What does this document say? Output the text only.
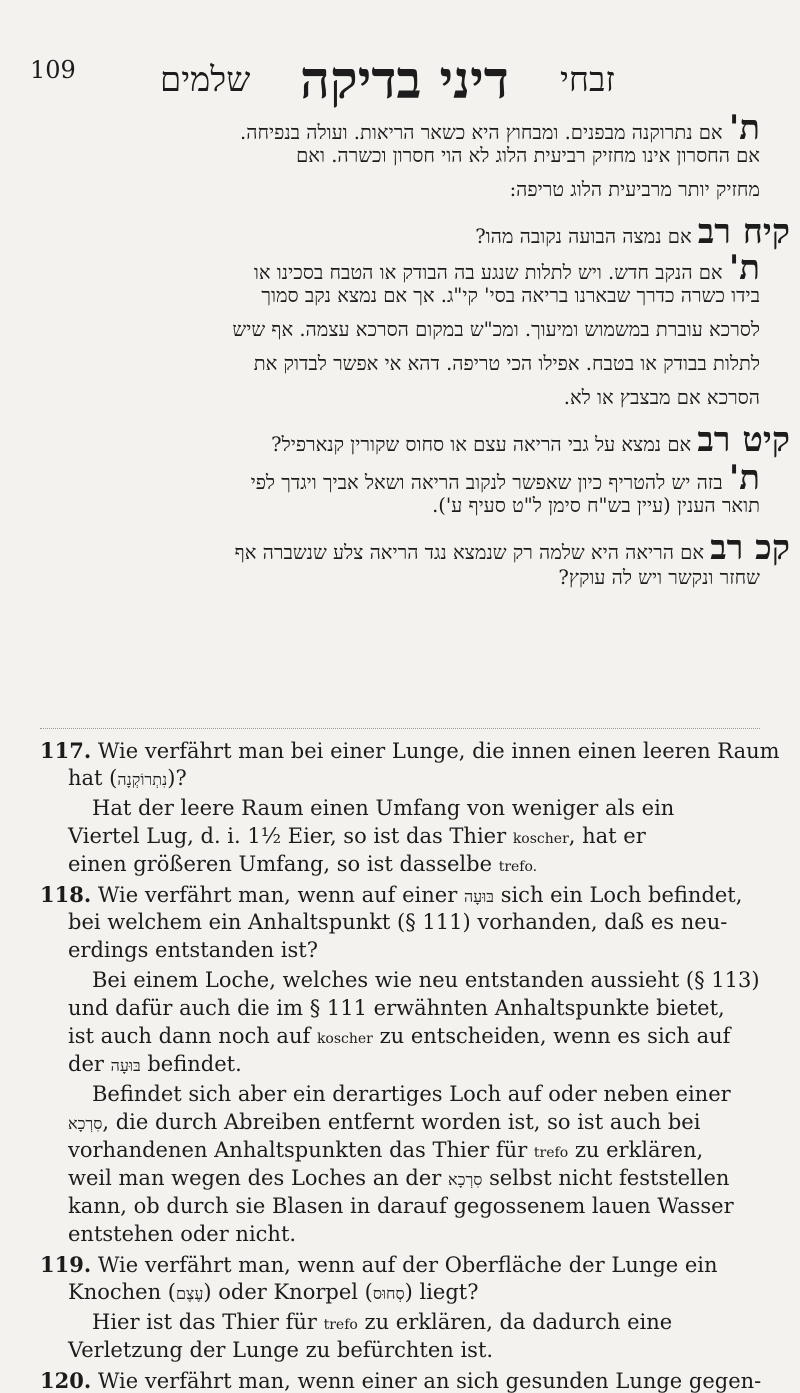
109 שלמים דיני בדיקה זבחי
ת' אם נתרוקנה מבפנים. ומבחוץ היא כשאר הריאות. ועולה בנפיחה.
אם החסרון אינו מחזיק רביעית הלוג לא הוי חסרון וכשרה. ואם
מחזיק יותר מרביעית הלוג טריפה:
קיח רב אם נמצה הבועה נקובה מהו?
ת' אם הנקב חדש. ויש לתלות שנגע בה הבודק או הטבח בסכינו או
בידו כשרה כדרך שבארנו בריאה בסי' קי"ג. אך אם נמצא נקב סמוך
לסרכא עוברת במשמוש ומיעוך. ומכ"ש במקום הסרכא עצמה. אף שיש
לתלות בבודק או בטבח. אפילו הכי טריפה. דהא אי אפשר לבדוק את
הסרכא אם מבצבץ או לא.
קיט רב אם נמצא על גבי הריאה עצם או סחוס שקורין קנארפיל?
ת' בזה יש להטריף כיון שאפשר לנקוב הריאה ושאל אביך ויגדך לפי
תואר הענין (עיין בש"ח סימן ל"ט סעיף ע').
קכ רב אם הריאה היא שלמה רק שנמצא נגד הריאה צלע שנשברה אף
שחזר ונקשר ויש לה עוקץ?
117. Wie verfährt man bei einer Lunge, die innen einen leeren Raum
hat (נִתְרוֹקְנָה)?
Hat der leere Raum einen Umfang von weniger als ein
Viertel Lug, d. i. 1½ Eier, so ist das Thier koscher, hat er
einen größeren Umfang, so ist dasselbe trefo.
118. Wie verfährt man, wenn auf einer בּוּעָה sich ein Loch befindet,
bei welchem ein Anhaltspunkt (§ 111) vorhanden, daß es neu-
erdings entstanden ist?
Bei einem Loche, welches wie neu entstanden aussieht (§ 113)
und dafür auch die im § 111 erwähnten Anhaltspunkte bietet,
ist auch dann noch auf koscher zu entscheiden, wenn es sich auf
der בּוּעָה befindet.
Befindet sich aber ein derartiges Loch auf oder neben einer
סִרְכָא, die durch Abreiben entfernt worden ist, so ist auch bei
vorhandenen Anhaltspunkten das Thier für trefo zu erklären,
weil man wegen des Loches an der סִרְכָא selbst nicht feststellen
kann, ob durch sie Blasen in darauf gegossenem lauen Wasser
entstehen oder nicht.
119. Wie verfährt man, wenn auf der Oberfläche der Lunge ein
Knochen (עֶצֶם) oder Knorpel (סְחוּס) liegt?
Hier ist das Thier für trefo zu erklären, da dadurch eine
Verletzung der Lunge zu befürchten ist.
120. Wie verfährt man, wenn einer an sich gesunden Lunge gegen-
